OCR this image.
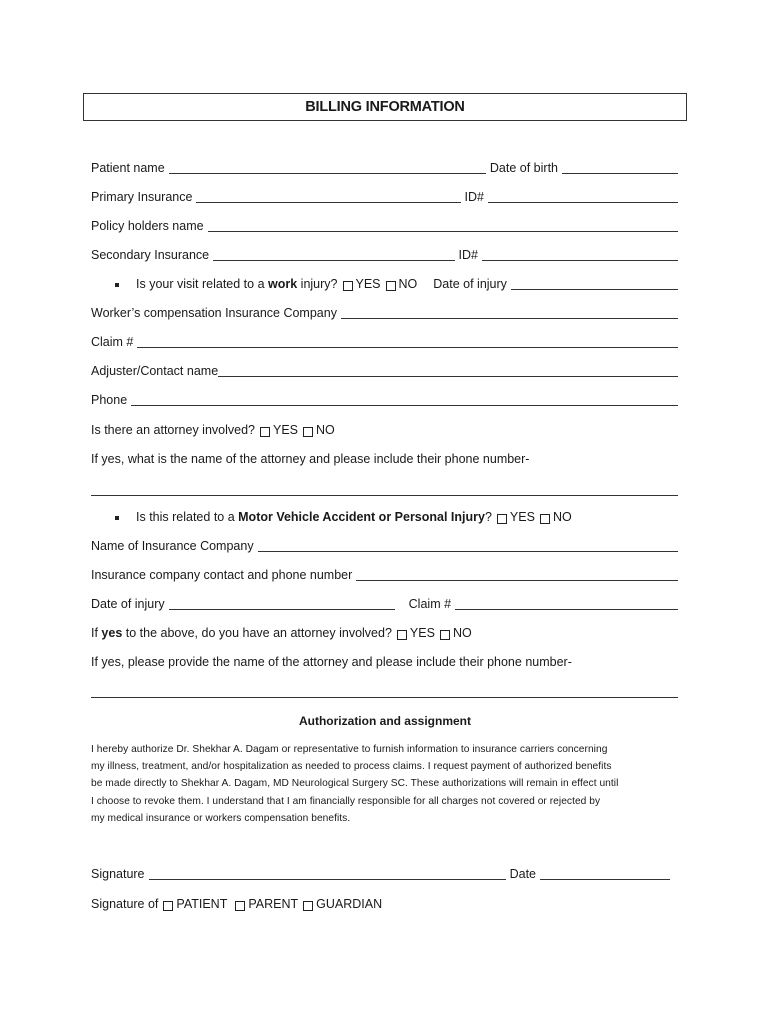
BILLING INFORMATION
Patient name	Date of birth
Primary Insurance	ID#
Policy holders name
Secondary Insurance	ID#
Is your visit related to a work injury? YES NO Date of injury
Worker’s compensation Insurance Company
Claim #
Adjuster/Contact name
Phone
Is there an attorney involved? YES NO
If yes, what is the name of the attorney and please include their phone number-
Is this related to a Motor Vehicle Accident or Personal Injury? YES NO
Name of Insurance Company
Insurance company contact and phone number
Date of injury	Claim #
If yes to the above, do you have an attorney involved? YES NO
If yes, please provide the name of the attorney and please include their phone number-
Authorization and assignment
I hereby authorize Dr. Shekhar A. Dagam or representative to furnish information to insurance carriers concerning
my illness, treatment, and/or hospitalization as needed to process claims. I request payment of authorized benefits
be made directly to Shekhar A. Dagam, MD Neurological Surgery SC. These authorizations will remain in effect until
I choose to revoke them. I understand that I am financially responsible for all charges not covered or rejected by
my medical insurance or workers compensation benefits.
Signature	Date
Signature of PATIENT PARENT GUARDIAN
